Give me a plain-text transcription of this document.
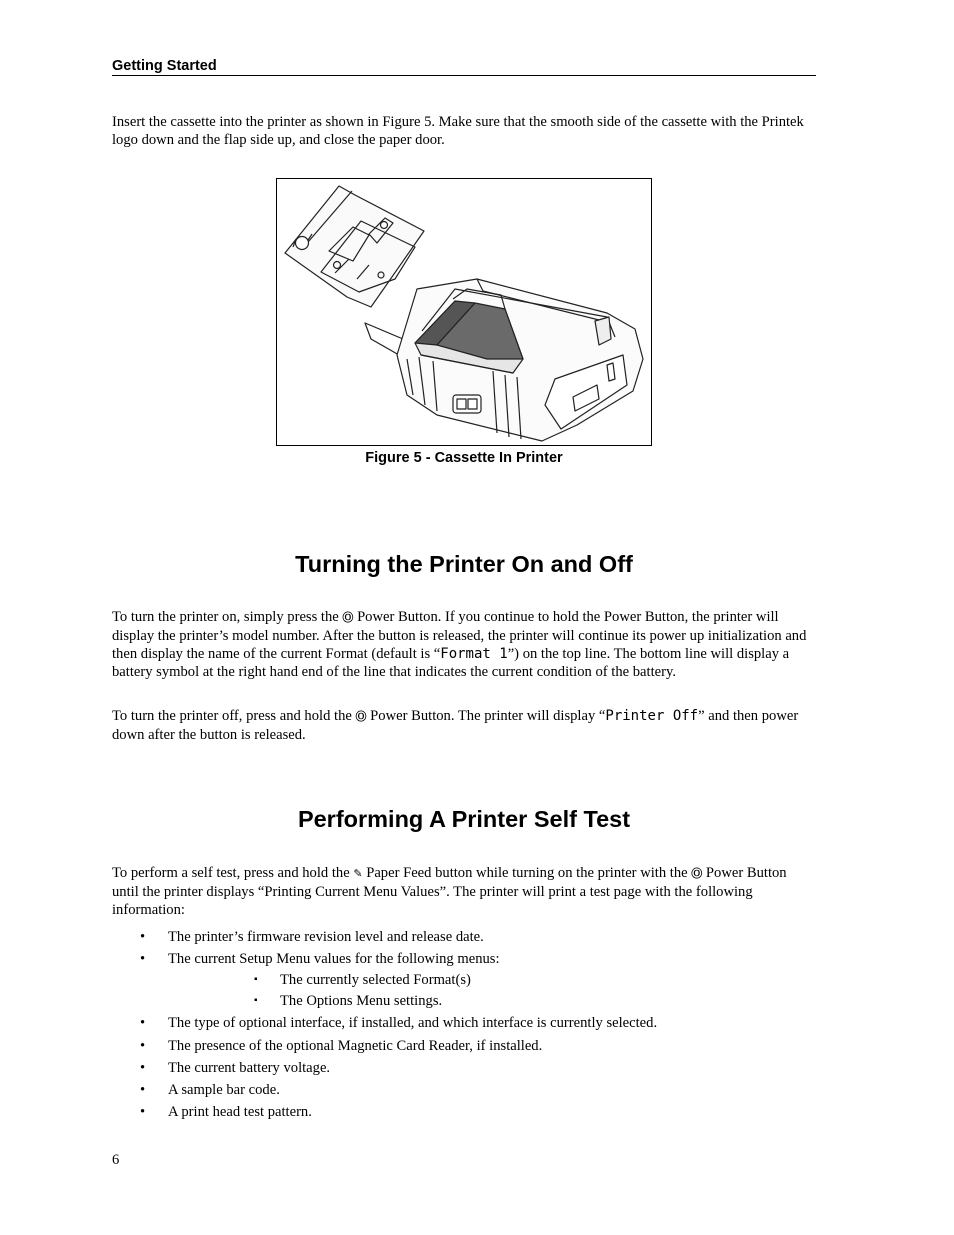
Getting Started

Insert the cassette into the printer as shown in Figure 5. Make sure that the smooth side of the cassette with the Printek logo down and the flap side up, and close the paper door.

Figure 5 - Cassette In Printer
Turning the Printer On and Off

To turn the printer on, simply press the Ⓞ Power Button. If you continue to hold the Power Button, the printer will display the printer’s model number. After the button is released, the printer will continue its power up initialization and then display the name of the current Format (default is “Format 1”) on the top line. The bottom line will display a battery symbol at the right hand end of the line that indicates the current condition of the battery.

To turn the printer off, press and hold the Ⓞ Power Button. The printer will display “Printer Off” and then power down after the button is released.

Performing A Printer Self Test

To perform a self test, press and hold the ✎ Paper Feed button while turning on the printer with the Ⓞ Power Button until the printer displays “Printing Current Menu Values”. The printer will print a test page with the following information:

• The printer’s firmware revision level and release date.
• The current Setup Menu values for the following menus:
▪ The currently selected Format(s)
▪ The Options Menu settings.
• The type of optional interface, if installed, and which interface is currently selected.
• The presence of the optional Magnetic Card Reader, if installed.
• The current battery voltage.
• A sample bar code.
• A print head test pattern.
6
